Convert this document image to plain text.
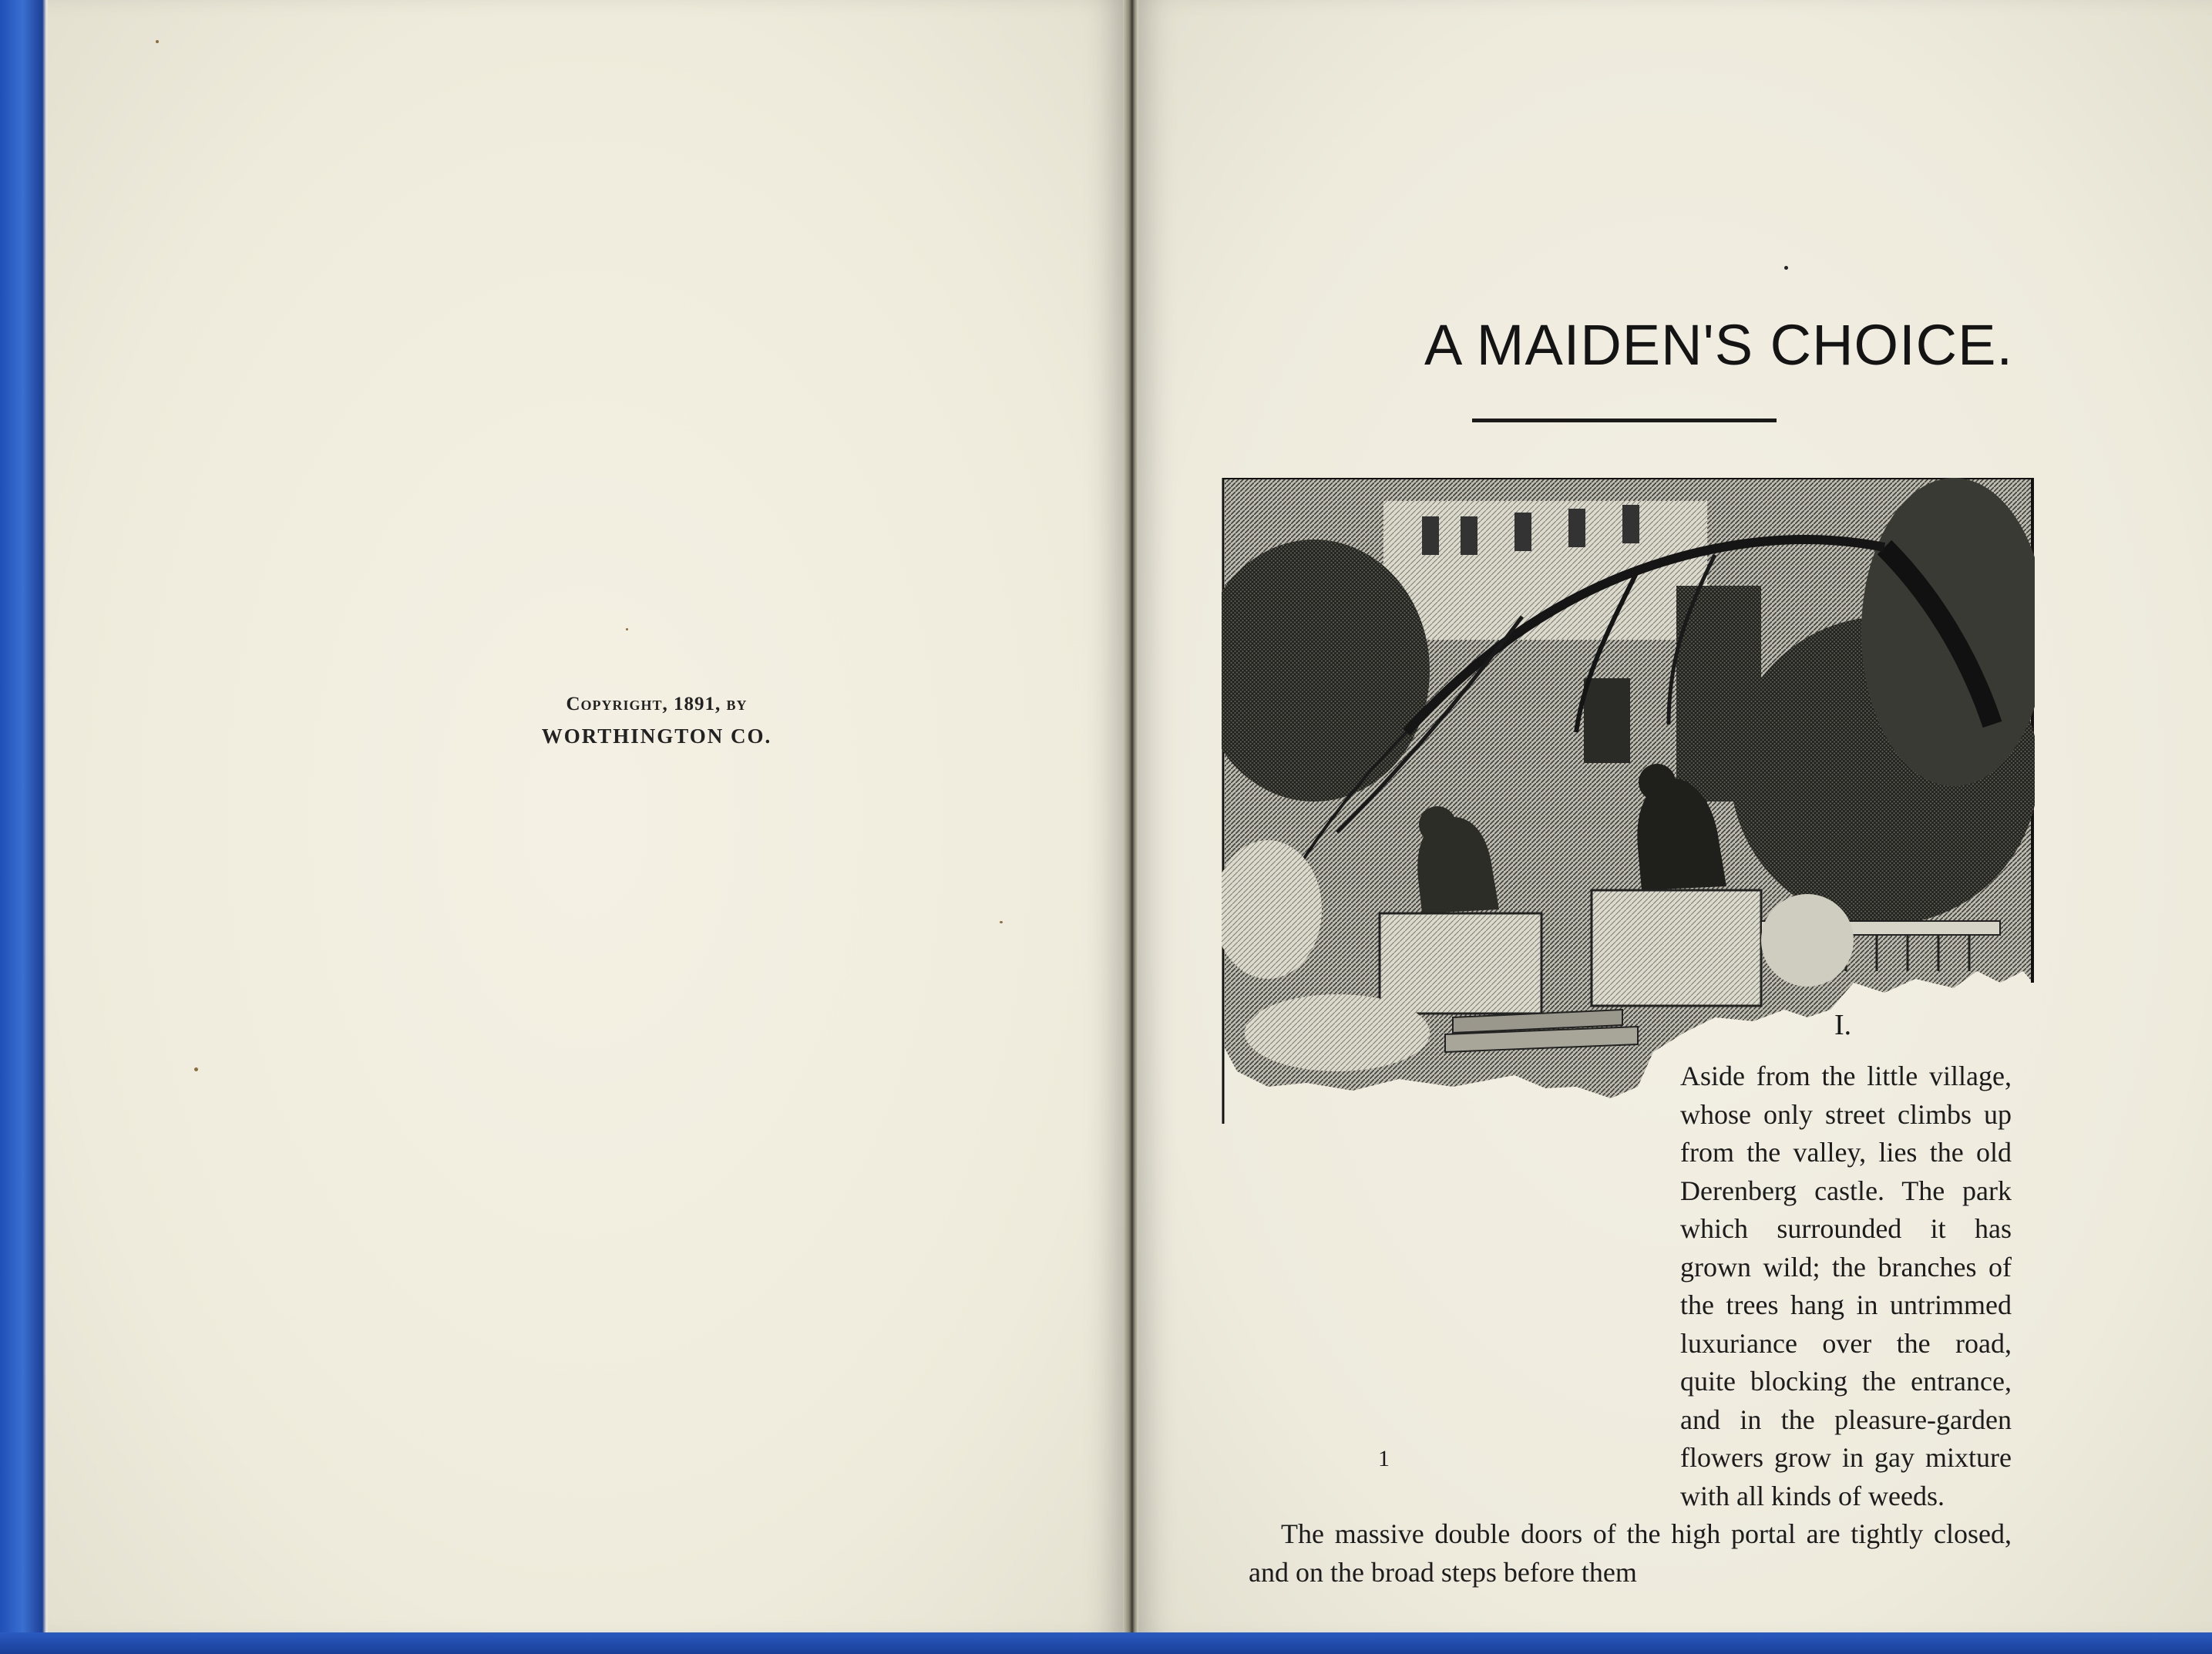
Copyright, 1891, by
WORTHINGTON CO.
A MAIDEN'S CHOICE.
I.

Aside from the little village, whose only street climbs up from the valley, lies the old Derenberg castle. The park which surrounded it has grown wild; the branches of the trees hang in untrimmed luxuriance over the road, quite blocking the entrance, and in the pleasure-garden flowers grow in gay mixture with all kinds of weeds.

The massive double doors of the high portal are tightly closed, and on the broad steps before them

1
